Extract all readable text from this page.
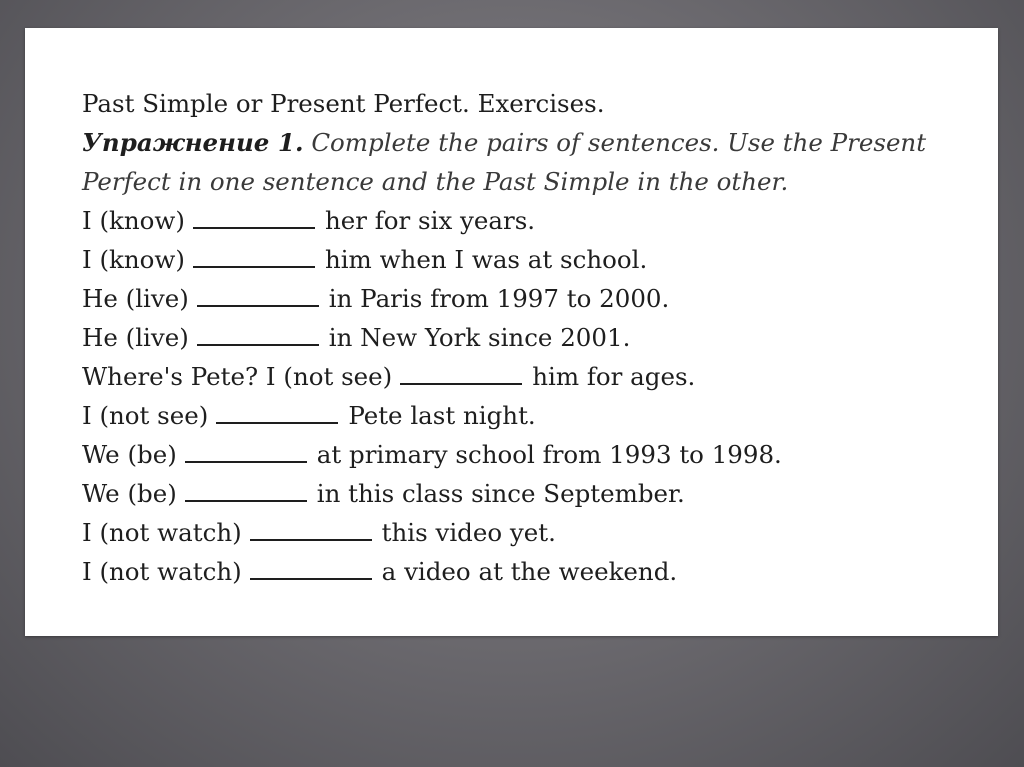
Past Simple or Present Perfect. Exercises.
Упражнение 1. Complete the pairs of sentences. Use the Present Perfect in one sentence and the Past Simple in the other.
I (know)	her for six years.
I (know)	him when I was at school.
He (live)	in Paris from 1997 to 2000.
He (live)	in New York since 2001.
Where's Pete? I (not see)	him for ages.
I (not see)	Pete last night.
We (be)	at primary school from 1993 to 1998.
We (be)	in this class since September.
I (not watch)	this video yet.
I (not watch)	a video at the weekend.
